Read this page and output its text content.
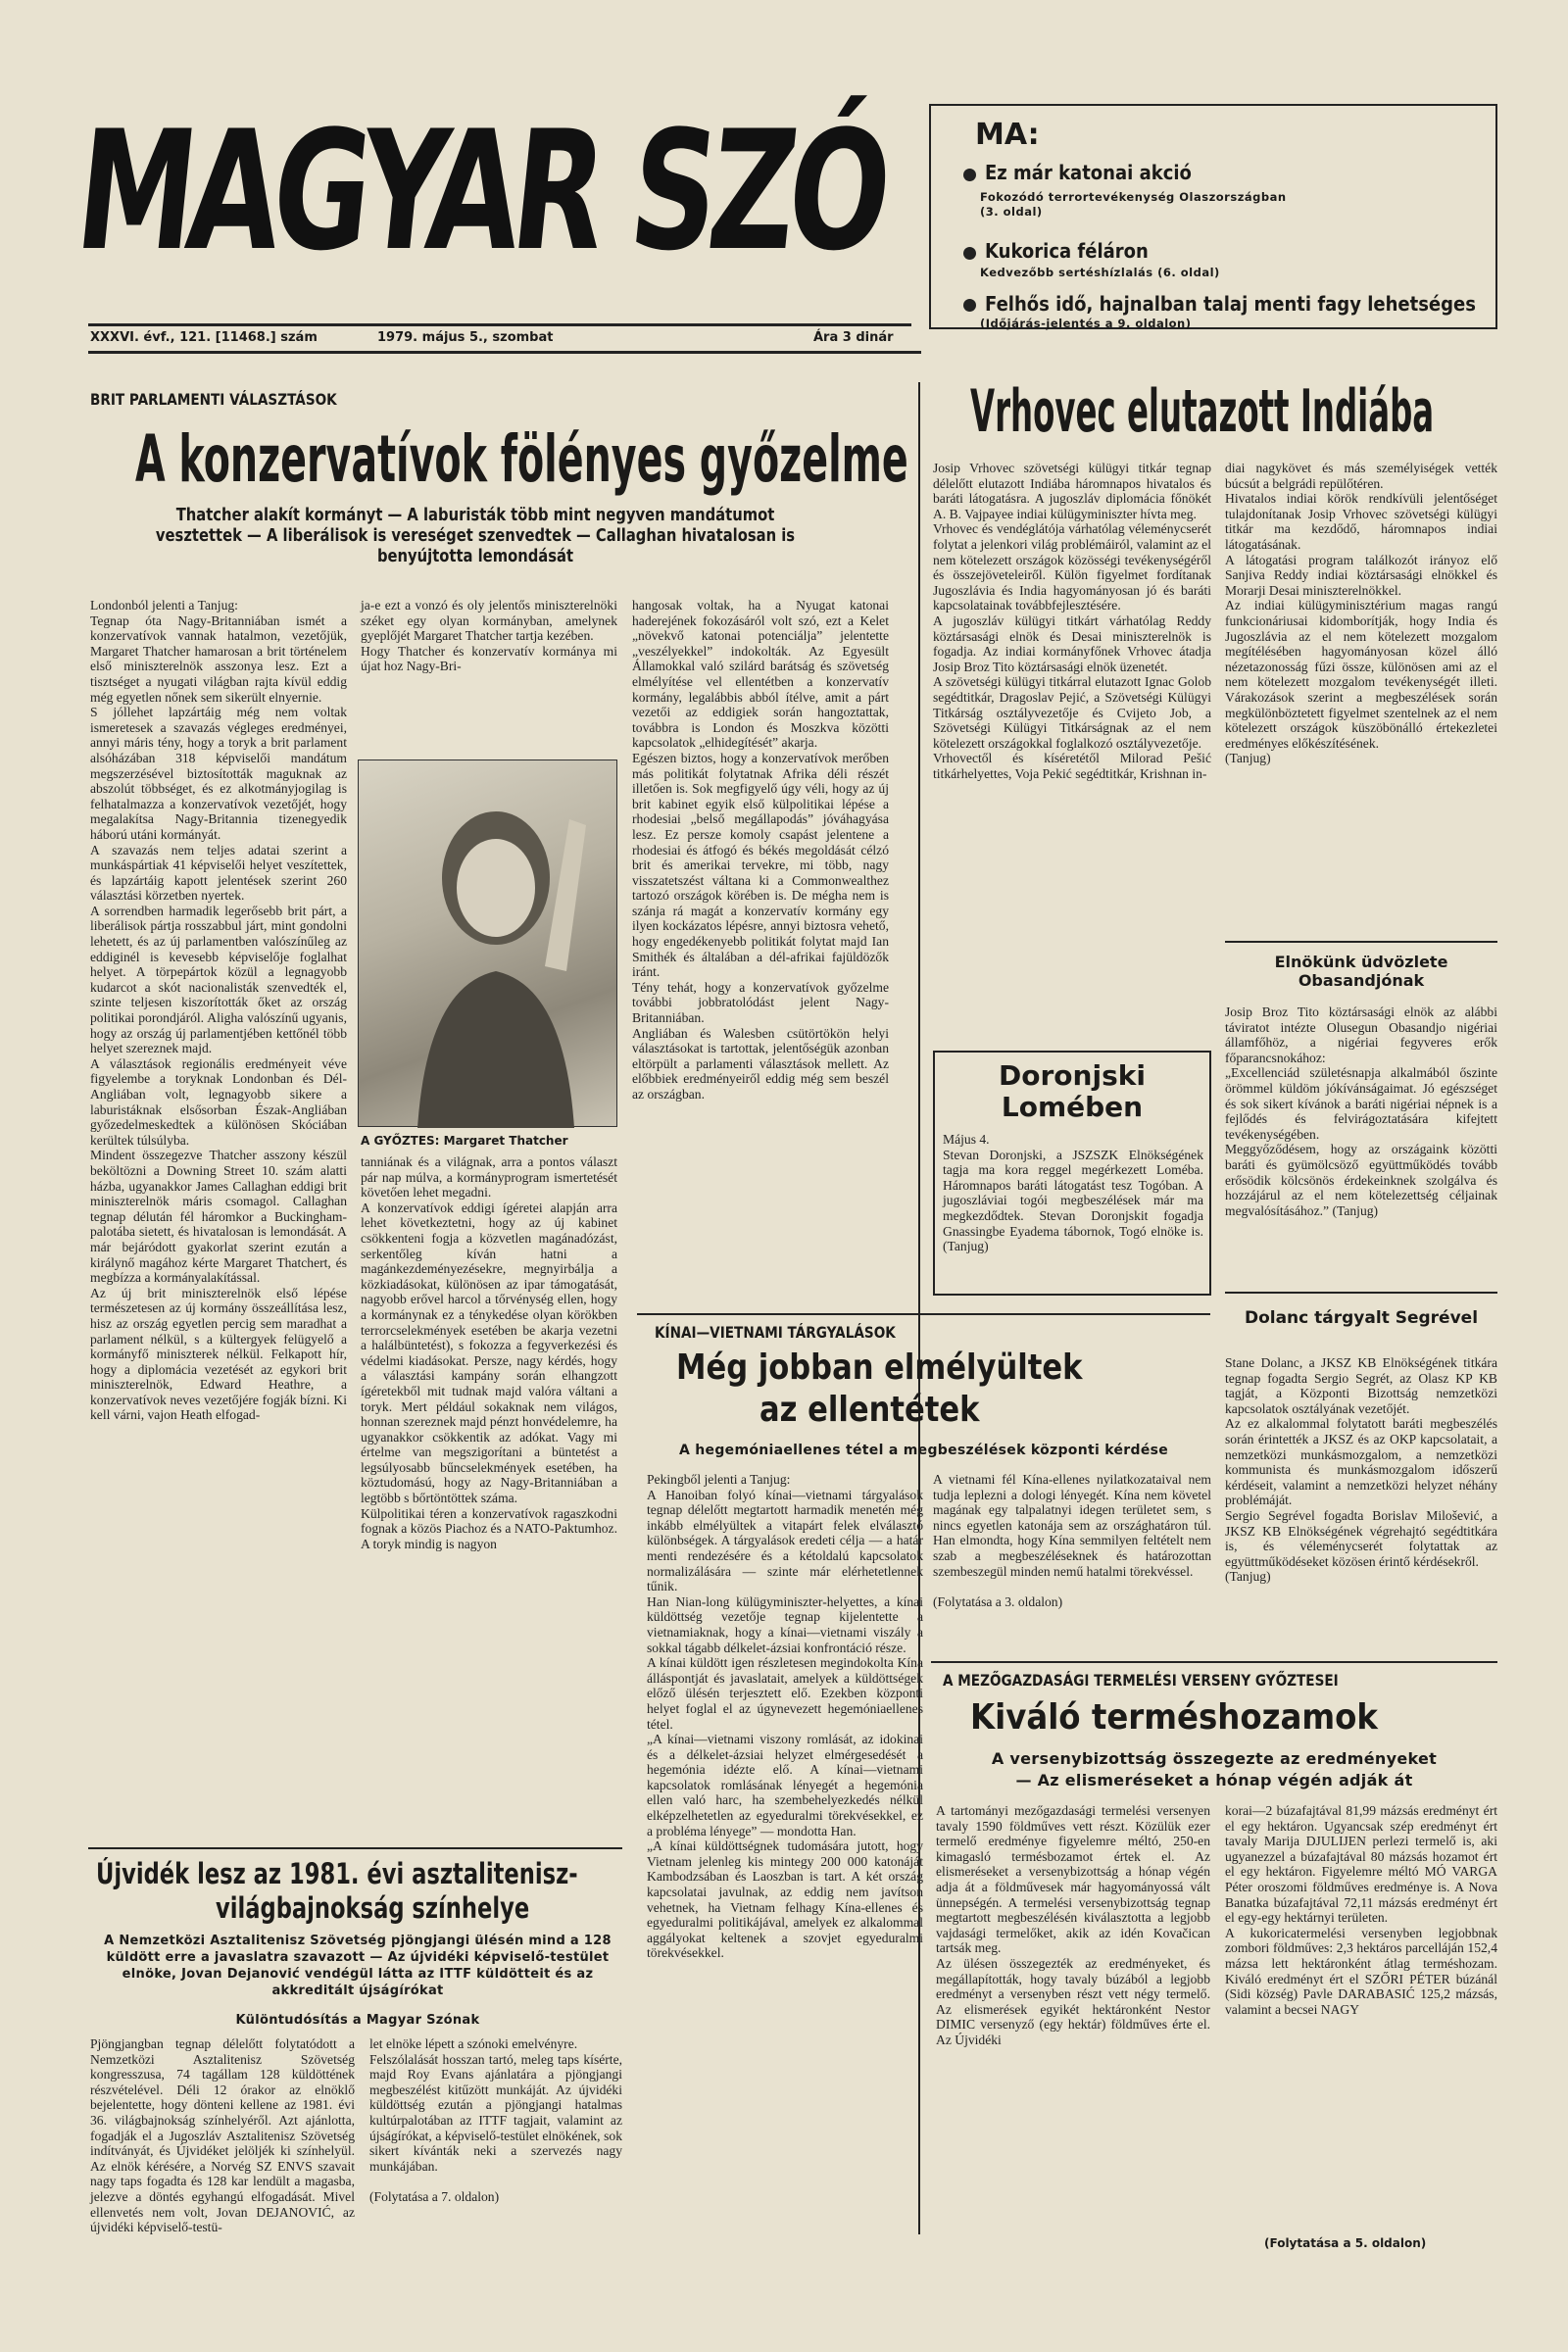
MAGYAR SZÓ
XXXVI. évf., 121. [11468.] szám	1979. május 5., szombat	Ára 3 dinár
MA:
Ez már katonai akció
Fokozódó terrortevékenység Olaszországban
(3. oldal)
Kukorica féláron
Kedvezőbb sertéshízlalás (6. oldal)
Felhős idő, hajnalban talaj menti fagy lehetséges
(Időjárás-jelentés a 9. oldalon)
BRIT PARLAMENTI VÁLASZTÁSOK
A konzervatívok fölényes győzelme
Thatcher alakít kormányt — A laburisták több mint negyven mandátumot vesztettek — A liberálisok is vereséget szenvedtek — Callaghan hivatalosan is benyújtotta lemondását
Londonból jelenti a Tanjug:
Tegnap óta Nagy-Britanniában ismét a konzervatívok vannak hatalmon, vezetőjük, Margaret Thatcher hamarosan a brit történelem első miniszterelnök asszonya lesz. Ezt a tisztséget a nyugati világban rajta kívül eddig még egyetlen nőnek sem sikerült elnyernie.
S jóllehet lapzártáig még nem voltak ismeretesek a szavazás végleges eredményei, annyi máris tény, hogy a toryk a brit parlament alsóházában 318 képviselői mandátum megszerzésével biztosították maguknak az abszolút többséget, és ez alkotmányjogilag is felhatalmazza a konzervatívok vezetőjét, hogy megalakítsa Nagy-Britannia tizenegyedik háború utáni kormányát.
A szavazás nem teljes adatai szerint a munkáspártiak 41 képviselői helyet veszítettek, és lapzártáig kapott jelentések szerint 260 választási körzetben nyertek.
A sorrendben harmadik legerősebb brit párt, a liberálisok pártja rosszabbul járt, mint gondolni lehetett, és az új parlamentben valószínűleg az eddiginél is kevesebb képviselője foglalhat helyet. A törpepártok közül a legnagyobb kudarcot a skót nacionalisták szenvedték el, szinte teljesen kiszorították őket az ország politikai porondjáról. Aligha valószínű ugyanis, hogy az ország új parlamentjében kettőnél több helyet szereznek majd.
A választások regionális eredményeit véve figyelembe a toryknak Londonban és Dél-Angliában volt, legnagyobb sikere a laburistáknak elsősorban Észak-Angliában győzedelmeskedtek a különösen Skóciában kerültek túlsúlyba.
Mindent összegezve Thatcher asszony készül beköltözni a Downing Street 10. szám alatti házba, ugyanakkor James Callaghan eddigi brit miniszterelnök máris csomagol. Callaghan tegnap délután fél háromkor a Buckingham-palotába sietett, és hivatalosan is lemondását. A már bejáródott gyakorlat szerint ezután a királynő magához kérte Margaret Thatchert, és megbízza a kormányalakítással.
Az új brit miniszterelnök első lépése természetesen az új kormány összeállítása lesz, hisz az ország egyetlen percig sem maradhat a parlament nélkül, s a kültergyek felügyelő a kormányfő miniszterek nélkül. Felkapott hír, hogy a diplomácia vezetését az egykori brit miniszterelnök, Edward Heathre, a konzervatívok neves vezetőjére fogják bízni. Ki kell várni, vajon Heath elfogad-
ja-e ezt a vonzó és oly jelentős miniszterelnöki széket egy olyan kormányban, amelynek gyeplőjét Margaret Thatcher tartja kezében.
Hogy Thatcher és konzervatív kormánya mi újat hoz Nagy-Bri-
A GYŐZTES: Margaret Thatcher
tanniának és a világnak, arra a pontos választ pár nap múlva, a kormányprogram ismertetését követően lehet megadni.
A konzervatívok eddigi ígéretei alapján arra lehet következtetni, hogy az új kabinet csökkenteni fogja a közvetlen magánadózást, serkentőleg kíván hatni a magánkezdeményezésekre, megnyirbálja a közkiadásokat, különösen az ipar támogatását, nagyobb erővel harcol a tőrvénység ellen, hogy a kormánynak ez a ténykedése olyan körökben terrorcselekmények esetében be akarja vezetni a halálbüntetést), s fokozza a fegyverkezési és védelmi kiadásokat. Persze, nagy kérdés, hogy a választási kampány során elhangzott ígéretekből mit tudnak majd valóra váltani a toryk. Mert például sokaknak nem világos, honnan szereznek majd pénzt honvédelemre, ha ugyanakkor csökkentik az adókat. Vagy mi értelme van megszigorítani a büntetést a legsúlyosabb bűncselekmények esetében, ha köztudomású, hogy az Nagy-Britanniában a legtöbb s bőrtöntöttek száma.
Külpolitikai téren a konzervatívok ragaszkodni fognak a közös Piachoz és a NATO-Paktumhoz. A toryk mindig is nagyon
hangosak voltak, ha a Nyugat katonai haderejének fokozásáról volt szó, ezt a Kelet „növekvő katonai potenciálja” jelentette „veszélyekkel” indokolták. Az Egyesült Államokkal való szilárd barátság és szövetség elmélyítése vel ellentétben a konzervatív kormány, legalábbis abból ítélve, amit a párt vezetői az eddigiek során hangoztattak, továbbra is London és Moszkva közötti kapcsolatok „elhidegítését” akarja.
Egészen biztos, hogy a konzervatívok merőben más politikát folytatnak Afrika déli részét illetően is. Sok megfigyelő úgy véli, hogy az új brit kabinet egyik első külpolitikai lépése a rhodesiai „belső megállapodás” jóváhagyása lesz. Ez persze komoly csapást jelentene a rhodesiai és átfogó és békés megoldását célzó brit és amerikai tervekre, mi több, nagy visszatetszést váltana ki a Commonwealthez tartozó országok körében is. De mégha nem is szánja rá magát a konzervatív kormány egy ilyen kockázatos lépésre, annyi biztosra vehető, hogy engedékenyebb politikát folytat majd Ian Smithék és általában a dél-afrikai fajüldözők iránt.
Tény tehát, hogy a konzervatívok győzelme további jobbratolódást jelent Nagy-Britanniában.
Angliában és Walesben csütörtökön helyi választásokat is tartottak, jelentőségük azonban eltörpült a parlamenti választások mellett. Az előbbiek eredményeiről eddig még sem beszél az országban.
Vrhovec elutazott Indiába
Josip Vrhovec szövetségi külügyi titkár tegnap délelőtt elutazott Indiába háromnapos hivatalos és baráti látogatásra. A jugoszláv diplomácia főnökét A. B. Vajpayee indiai külügyminiszter hívta meg.
Vrhovec és vendéglátója várhatólag véleménycserét folytat a jelenkori világ problémáiról, valamint az el nem kötelezett országok közösségi tevékenységéről és összejöveteleiről. Külön figyelmet fordítanak Jugoszlávia és India hagyományosan jó és baráti kapcsolatainak továbbfejlesztésére.
A jugoszláv külügyi titkárt várhatólag Reddy köztársasági elnök és Desai miniszterelnök is fogadja. Az indiai kormányfőnek Vrhovec átadja Josip Broz Tito köztársasági elnök üzenetét.
A szövetségi külügyi titkárral elutazott Ignac Golob segédtitkár, Dragoslav Pejić, a Szövetségi Külügyi Titkárság osztályvezetője és Cvijeto Job, a Szövetségi Külügyi Titkárságnak az el nem kötelezett országokkal foglalkozó osztályvezetője.
Vrhovectől és kíséretétől Milorad Pešić titkárhelyettes, Voja Pekić segédtitkár, Krishnan in-
diai nagykövet és más személyiségek vették búcsút a belgrádi repülőtéren.
Hivatalos indiai körök rendkívüli jelentőséget tulajdonítanak Josip Vrhovec szövetségi külügyi titkár ma kezdődő, háromnapos indiai látogatásának.
A látogatási program találkozót irányoz elő Sanjiva Reddy indiai köztársasági elnökkel és Morarji Desai miniszterelnökkel.
Az indiai külügyminisztérium magas rangú funkcionáriusai kidomborítják, hogy India és Jugoszlávia az el nem kötelezett mozgalom megítélésében hagyományosan közel álló nézetazonosság fűzi össze, különösen ami az el nem kötelezett mozgalom tevékenységét illeti. Várakozások szerint a megbeszélések során megkülönböztetett figyelmet szentelnek az el nem kötelezett országok küszöbönálló értekezletei eredményes előkészítésének.
(Tanjug)
Doronjski Lomében
Május 4.
Stevan Doronjski, a JSZSZK Elnökségének tagja ma kora reggel megérkezett Loméba. Háromnapos baráti látogatást tesz Togóban. A jugoszláviai togói megbeszélések már ma megkezdődtek. Stevan Doronjskit fogadja Gnassingbe Eyadema tábornok, Togó elnöke is. (Tanjug)
Elnökünk üdvözlete Obasandjónak
Josip Broz Tito köztársasági elnök az alábbi táviratot intézte Olusegun Obasandjo nigériai államfőhöz, a nigériai fegyveres erők főparancsnokához:
„Excellenciád születésnapja alkalmából őszinte örömmel küldöm jókívánságaimat. Jó egészséget és sok sikert kívánok a baráti nigériai népnek is a fejlődés és felvirágoztatására kifejtett tevékenységében.
Meggyőződésem, hogy az országaink közötti baráti és gyümölcsöző együttműködés tovább erősödik kölcsönös érdekeinknek szolgálva és hozzájárul az el nem kötelezettség céljainak megvalósításához.” (Tanjug)
Dolanc tárgyalt Segrével
Stane Dolanc, a JKSZ KB Elnökségének titkára tegnap fogadta Sergio Segrét, az Olasz KP KB tagját, a Központi Bizottság nemzetközi kapcsolatok osztályának vezetőjét.
Az ez alkalommal folytatott baráti megbeszélés során érintették a JKSZ és az OKP kapcsolatait, a nemzetközi munkásmozgalom, a nemzetközi kommunista és munkásmozgalom időszerű kérdéseit, valamint a nemzetközi helyzet néhány problémáját.
Sergio Segrével fogadta Borislav Milošević, a JKSZ KB Elnökségének végrehajtó segédtitkára is, és véleménycserét folytattak az együttműködéseket közösen érintő kérdésekről.
(Tanjug)
KÍNAI—VIETNAMI TÁRGYALÁSOK
Még jobban elmélyültek
az ellentétek
A hegemóniaellenes tétel a megbeszélések központi kérdése
Pekingből jelenti a Tanjug:
A Hanoiban folyó kínai—vietnami tárgyalások tegnap délelőtt megtartott harmadik menetén még inkább elmélyültek a vitapárt felek elválasztó különbségek. A tárgyalások eredeti célja — a határ menti rendezésére és a kétoldalú kapcsolatok normalizálására — szinte már elérhetetlennek tűnik.
Han Nian-long külügyminiszter-helyettes, a kínai küldöttség vezetője tegnap kijelentette a vietnamiaknak, hogy a kínai—vietnami viszály a sokkal tágabb délkelet-ázsiai konfrontáció része.
A kínai küldött igen részletesen megindokolta Kína álláspontját és javaslatait, amelyek a küldöttségek előző ülésén terjesztett elő. Ezekben központi helyet foglal el az úgynevezett hegemóniaellenes tétel.
„A kínai—vietnami viszony romlását, az idokinai és a délkelet-ázsiai helyzet elmérgesedését a hegemónia idézte elő. A kínai—vietnami kapcsolatok romlásának lényegét a hegemónia ellen való harc, ha szembehelyezkedés nélkül elképzelhetetlen az egyeduralmi törekvésekkel, ez a probléma lényege” — mondotta Han.
„A kínai küldöttségnek tudomására jutott, hogy Vietnam jelenleg kis mintegy 200 000 katonáját Kambodzsában és Laoszban is tart. A két ország kapcsolatai javulnak, az eddig nem javítson vehetnek, ha Vietnam felhagy Kína-ellenes és egyeduralmi politikájával, amelyek ez alkalommal aggályokat keltenek a szovjet egyeduralmi törekvésekkel.
A vietnami fél Kína-ellenes nyilatkozataival nem tudja leplezni a dologi lényegét. Kína nem követel magának egy talpalatnyi idegen területet sem, s nincs egyetlen katonája sem az országhatáron túl. Han elmondta, hogy Kína semmilyen feltételt nem szab a megbeszéléseknek és határozottan szembeszegül minden nemű hatalmi törekvéssel.

(Folytatása a 3. oldalon)
Újvidék lesz az 1981. évi asztalitenisz-
világbajnokság színhelye
A Nemzetközi Asztalitenisz Szövetség pjöngjangi ülésén mind a 128 küldött erre a javaslatra szavazott — Az újvidéki képviselő-testület elnöke, Jovan Dejanović vendégül látta az ITTF küldötteit és az akkreditált újságírókat
Különtudósítás a Magyar Szónak
Pjöngjangban tegnap délelőtt folytatódott a Nemzetközi Asztalitenisz Szövetség kongresszusa, 74 tagállam 128 küldöttének részvételével. Déli 12 órakor az elnöklő bejelentette, hogy dönteni kellene az 1981. évi 36. világbajnokság színhelyéről. Azt ajánlotta, fogadják el a Jugoszláv Asztalitenisz Szövetség indítványát, és Újvidéket jelöljék ki színhelyül. Az elnök kérésére, a Norvég SZ ENVS szavait nagy taps fogadta és 128 kar lendült a magasba, jelezve a döntés egyhangú elfogadását. Mivel ellenvetés nem volt, Jovan DEJANOVIĆ, az újvidéki képviselő-testü-
let elnöke lépett a szónoki emelvényre.
Felszólalását hosszan tartó, meleg taps kísérte, majd Roy Evans ajánlatára a pjöngjangi megbeszélést kitűzött munkáját. Az újvidéki küldöttség ezután a pjöngjangi hatalmas kultúrpalotában az ITTF tagjait, valamint az újságírókat, a képviselő-testület elnökének, sok sikert kívánták neki a szervezés nagy munkájában.

(Folytatása a 7. oldalon)
A MEZŐGAZDASÁGI TERMELÉSI VERSENY GYŐZTESEI
Kiváló terméshozamok
A versenybizottság összegezte az eredményeket
— Az elismeréseket a hónap végén adják át
A tartományi mezőgazdasági termelési versenyen tavaly 1590 földműves vett részt. Közülük ezer termelő eredménye figyelemre méltó, 250-en kimagasló termésbozamot értek el. Az elismeréseket a versenybizottság a hónap végén adja át a földművesek már hagyományossá vált ünnepségén. A termelési versenybizottság tegnap megtartott megbeszélésén kiválasztotta a legjobb vajdasági termelőket, akik az idén Kovačican tartsák meg.
Az ülésen összegezték az eredményeket, és megállapították, hogy tavaly búzából a legjobb eredményt a versenyben részt vett négy termelő. Az elismerések egyikét hektáronként Nestor DIMIC versenyző (egy hektár) földműves érte el. Az Újvidéki
korai—2 búzafajtával 81,99 mázsás eredményt ért el egy hektáron. Ugyancsak szép eredményt ért tavaly Marija DJULIJEN perlezi termelő is, aki ugyanezzel a búzafajtával 80 mázsás hozamot ért el egy hektáron. Figyelemre méltó MÓ VARGA Péter oroszomi földműves eredménye is. A Nova Banatka búzafajtával 72,11 mázsás eredményt ért el egy-egy hektárnyi területen.
A kukoricatermelési versenyben legjobbnak zombori földműves: 2,3 hektáros parcelláján 152,4 mázsa lett hektáronként átlag terméshozam. Kiváló eredményt ért el SZŐRI PÉTER búzánál (Sidi község) Pavle DARABASIĆ 125,2 mázsás, valamint a becsei NAGY
(Folytatása a 5. oldalon)
